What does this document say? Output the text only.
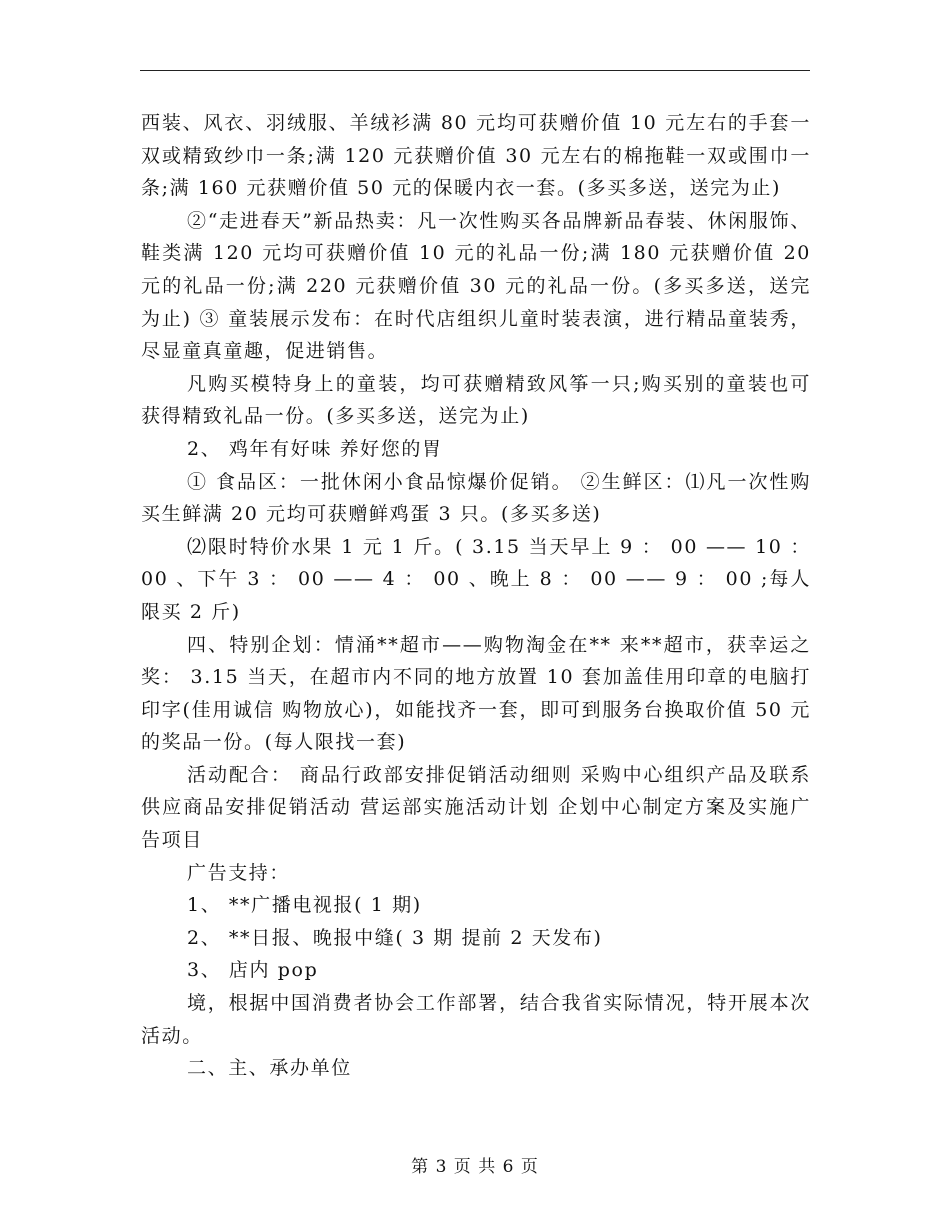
西装、风衣、羽绒服、羊绒衫满 80 元均可获赠价值 10 元左右的手套一双或精致纱巾一条;满 120 元获赠价值 30 元左右的棉拖鞋一双或围巾一条;满 160 元获赠价值 50 元的保暖内衣一套。(多买多送，送完为止)

②“走进春天”新品热卖：凡一次性购买各品牌新品春装、休闲服饰、鞋类满 120 元均可获赠价值 10 元的礼品一份;满 180 元获赠价值 20 元的礼品一份;满 220 元获赠价值 30 元的礼品一份。(多买多送，送完为止) ③ 童装展示发布：在时代店组织儿童时装表演，进行精品童装秀，尽显童真童趣，促进销售。

凡购买模特身上的童装，均可获赠精致风筝一只;购买别的童装也可获得精致礼品一份。(多买多送，送完为止)

2、 鸡年有好味 养好您的胃

① 食品区：一批休闲小食品惊爆价促销。 ②生鲜区：⑴凡一次性购买生鲜满 20 元均可获赠鲜鸡蛋 3 只。(多买多送)

⑵限时特价水果 1 元 1 斤。( 3.15 当天早上 9 ： 00 —— 10 ： 00 、下午 3 ： 00 —— 4 ： 00 、晚上 8 ： 00 —— 9 ： 00 ;每人限买 2 斤)

四、特别企划：情涌**超市——购物淘金在** 来**超市，获幸运之奖： 3.15 当天，在超市内不同的地方放置 10 套加盖佳用印章的电脑打印字(佳用诚信 购物放心)，如能找齐一套，即可到服务台换取价值 50 元的奖品一份。(每人限找一套)

活动配合： 商品行政部安排促销活动细则 采购中心组织产品及联系供应商品安排促销活动 营运部实施活动计划 企划中心制定方案及实施广告项目

广告支持：

1、 **广播电视报( 1 期)

2、 **日报、晚报中缝( 3 期 提前 2 天发布)

3、 店内 pop

境，根据中国消费者协会工作部署，结合我省实际情况，特开展本次活动。

二、主、承办单位

第 3 页 共 6 页
